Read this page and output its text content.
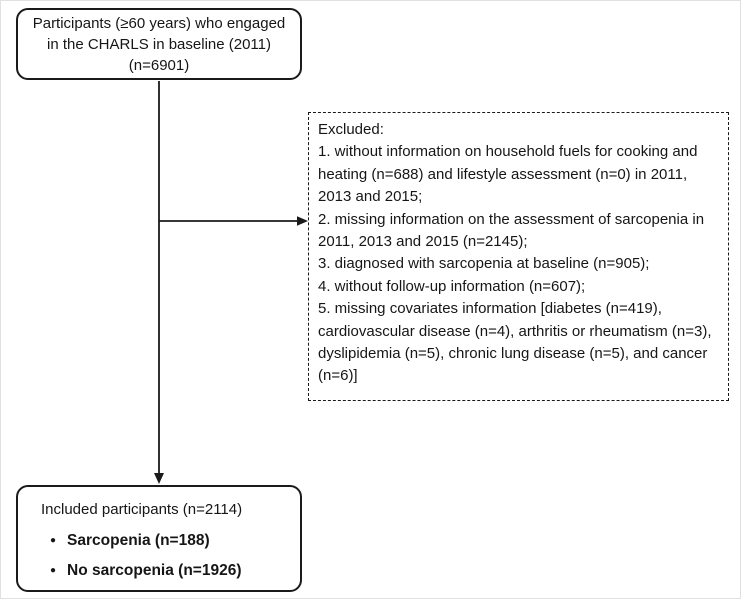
Participants (≥60 years) who engaged
in the CHARLS in baseline (2011)
(n=6901)
Excluded:
1. without information on household fuels for cooking and heating (n=688) and lifestyle assessment (n=0) in 2011, 2013 and 2015;
2. missing information on the assessment of sarcopenia in 2011, 2013 and 2015 (n=2145);
3. diagnosed with sarcopenia at baseline (n=905);
4. without follow-up information (n=607);
5. missing covariates information [diabetes (n=419), cardiovascular disease (n=4), arthritis or rheumatism (n=3), dyslipidemia (n=5), chronic lung disease (n=5), and cancer (n=6)]
Included participants (n=2114)
● Sarcopenia (n=188)
● No sarcopenia (n=1926)
